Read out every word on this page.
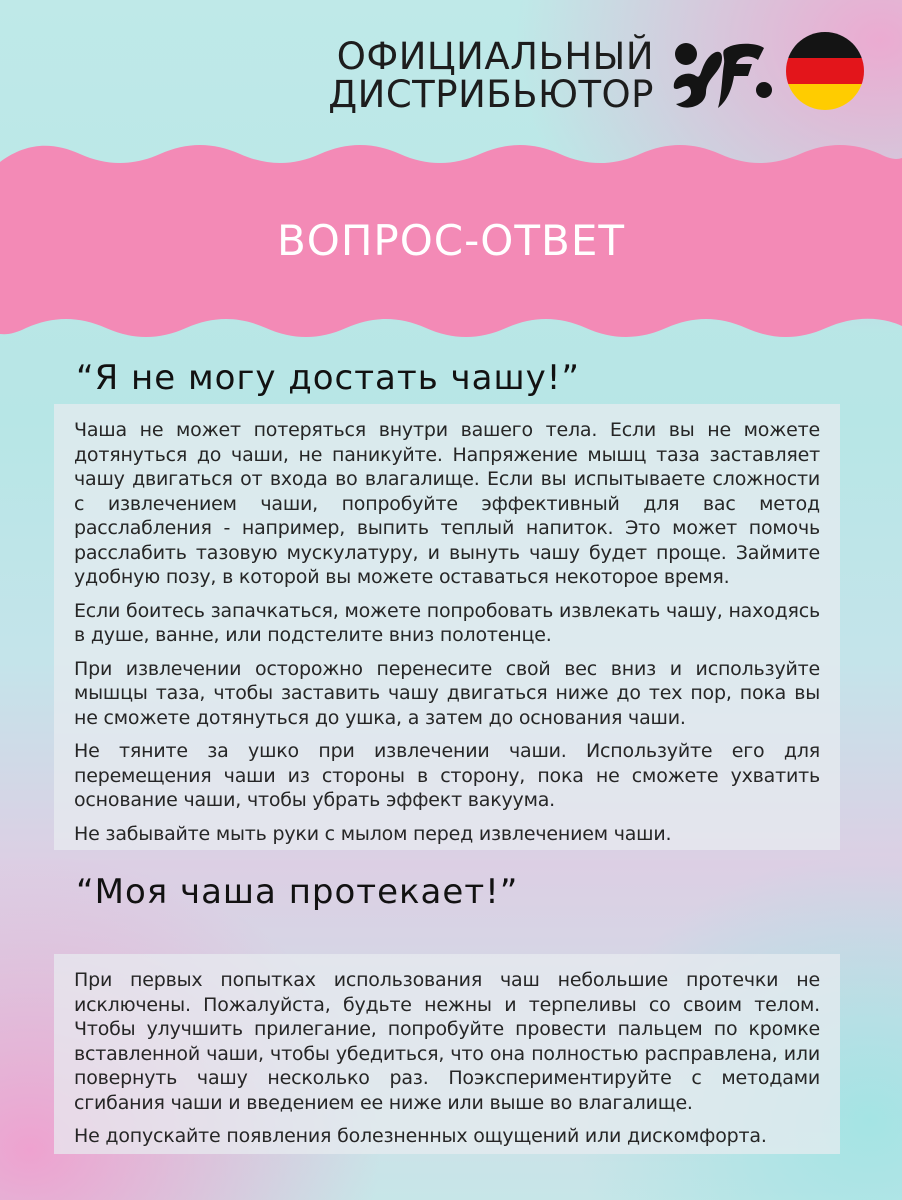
ОФИЦИАЛЬНЫЙ
ДИСТРИБЬЮТОР
ВОПРОС-ОТВЕТ
“Я не могу достать чашу!”

Чаша не может потеряться внутри вашего тела. Если вы не можете дотянуться до чаши, не паникуйте. Напряжение мышц таза заставляет чашу двигаться от входа во влагалище. Если вы испытываете сложности с извлечением чаши, попробуйте эффективный для вас метод расслабления - например, выпить теплый напиток. Это может помочь расслабить тазовую мускулатуру, и вынуть чашу будет проще. Займите удобную позу, в которой вы можете оставаться некоторое время.

Если боитесь запачкаться, можете попробовать извлекать чашу, находясь в душе, ванне, или подстелите вниз полотенце.

При извлечении осторожно перенесите свой вес вниз и используйте мышцы таза, чтобы заставить чашу двигаться ниже до тех пор, пока вы не сможете дотянуться до ушка, а затем до основания чаши.

Не тяните за ушко при извлечении чаши. Используйте его для перемещения чаши из стороны в сторону, пока не сможете ухватить основание чаши, чтобы убрать эффект вакуума.

Не забывайте мыть руки с мылом перед извлечением чаши.

“Моя чаша протекает!”

При первых попытках использования чаш небольшие протечки не исключены. Пожалуйста, будьте нежны и терпеливы со своим телом. Чтобы улучшить прилегание, попробуйте провести пальцем по кромке вставленной чаши, чтобы убедиться, что она полностью расправлена, или повернуть чашу несколько раз. Поэкспериментируйте с методами сгибания чаши и введением ее ниже или выше во влагалище.

Не допускайте появления болезненных ощущений или дискомфорта.
